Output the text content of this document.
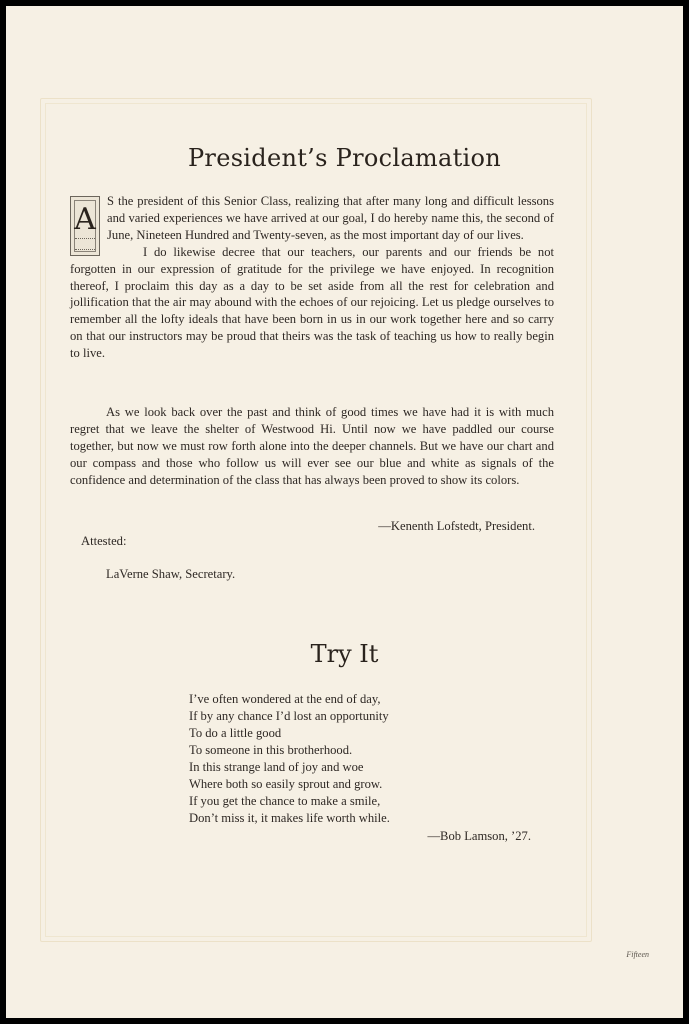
President’s Proclamation
A

S the president of this Senior Class, realizing that after many long and difficult lessons and varied experiences we have arrived at our goal, I do hereby name this, the second of June, Nineteen Hundred and Twenty-seven, as the most important day of our lives.

I do likewise decree that our teachers, our parents and our friends be not forgotten in our expression of gratitude for the privilege we have enjoyed. In recognition thereof, I proclaim this day as a day to be set aside from all the rest for celebration and jollification that the air may abound with the echoes of our rejoicing. Let us pledge ourselves to remember all the lofty ideals that have been born in us in our work together here and so carry on that our instructors may be proud that theirs was the task of teaching us how to really begin to live.

As we look back over the past and think of good times we have had it is with much regret that we leave the shelter of Westwood Hi. Until now we have paddled our course together, but now we must row forth alone into the deeper channels. But we have our chart and our compass and those who follow us will ever see our blue and white as signals of the confidence and determination of the class that has always been proved to show its colors.
—Kenenth Lofstedt, President.
Attested:
LaVerne Shaw, Secretary.
Try It
I’ve often wondered at the end of day,
If by any chance I’d lost an opportunity
To do a little good
To someone in this brotherhood.
In this strange land of joy and woe
Where both so easily sprout and grow.
If you get the chance to make a smile,
Don’t miss it, it makes life worth while.
—Bob Lamson, ’27.
Fifteen
